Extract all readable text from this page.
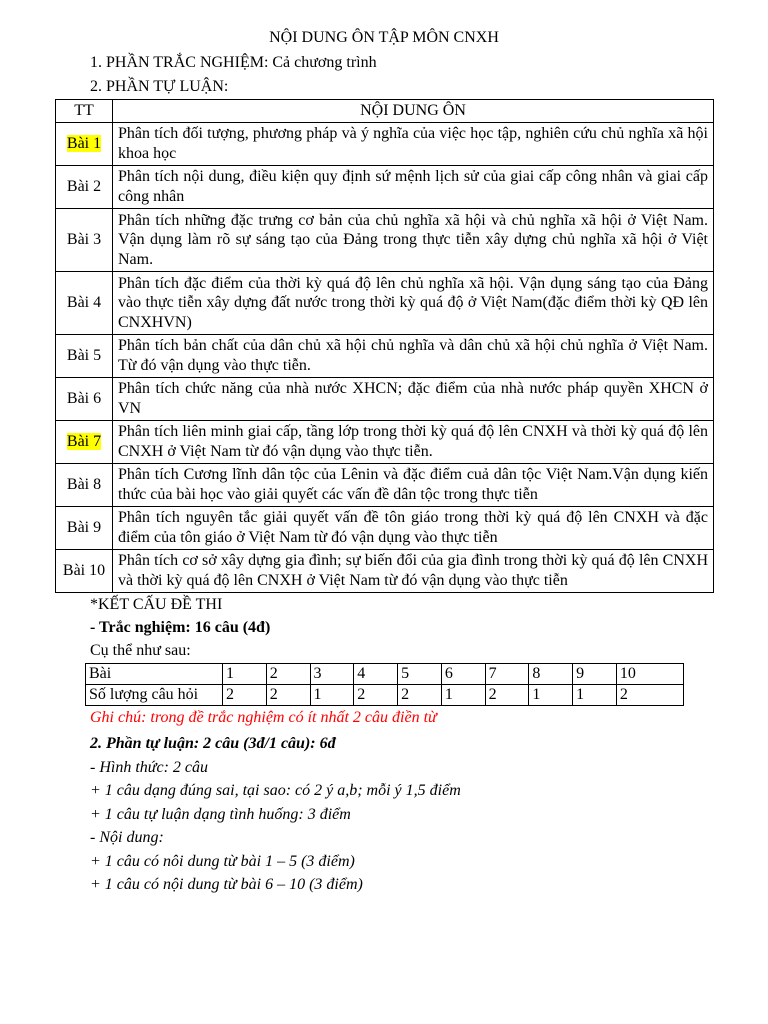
NỘI DUNG ÔN TẬP MÔN CNXH
1. PHẦN TRẮC NGHIỆM: Cả chương trình
2. PHẦN TỰ LUẬN:
TT	NỘI DUNG ÔN
Bài 1	Phân tích đối tượng, phương pháp và ý nghĩa của việc học tập, nghiên cứu chủ nghĩa xã hội khoa học
Bài 2	Phân tích nội dung, điều kiện quy định sứ mệnh lịch sử của giai cấp công nhân và giai cấp công nhân
Bài 3	Phân tích những đặc trưng cơ bản của chủ nghĩa xã hội và chủ nghĩa xã hội ở Việt Nam. Vận dụng làm rõ sự sáng tạo của Đảng trong thực tiễn xây dựng chủ nghĩa xã hội ở Việt Nam.
Bài 4	Phân tích đặc điểm của thời kỳ quá độ lên chủ nghĩa xã hội. Vận dụng sáng tạo của Đảng vào thực tiễn xây dựng đất nước trong thời kỳ quá độ ở Việt Nam(đặc điểm thời kỳ QĐ lên CNXHVN)
Bài 5	Phân tích bản chất của dân chủ xã hội chủ nghĩa và dân chủ xã hội chủ nghĩa ở Việt Nam. Từ đó vận dụng vào thực tiễn.
Bài 6	Phân tích chức năng của nhà nước XHCN; đặc điểm của nhà nước pháp quyền XHCN ở VN
Bài 7	Phân tích liên minh giai cấp, tầng lớp trong thời kỳ quá độ lên CNXH và thời kỳ quá độ lên CNXH ở Việt Nam từ đó vận dụng vào thực tiễn.
Bài 8	Phân tích Cương lĩnh dân tộc của Lênin và đặc điểm cuả dân tộc Việt Nam.Vận dụng kiến thức của bài học vào giải quyết các vấn đề dân tộc trong thực tiễn
Bài 9	Phân tích nguyên tắc giải quyết vấn đề tôn giáo trong thời kỳ quá độ lên CNXH và đặc điểm của tôn giáo ở Việt Nam từ đó vận dụng vào thực tiễn
Bài 10	Phân tích cơ sở xây dựng gia đình; sự biến đổi của gia đình trong thời kỳ quá độ lên CNXH và thời kỳ quá độ lên CNXH ở Việt Nam từ đó vận dụng vào thực tiễn
*KẾT CẤU ĐỀ THI
- Trắc nghiệm: 16 câu (4đ)
Cụ thể như sau:
Bài	1	2	3	4	5	6	7	8	9	10
Số lượng câu hỏi	2	2	1	2	2	1	2	1	1	2
Ghi chú: trong đề trắc nghiệm có ít nhất 2 câu điền từ
2. Phần tự luận: 2 câu (3đ/1 câu): 6đ
- Hình thức: 2 câu
+ 1 câu dạng đúng sai, tại sao: có 2 ý a,b; mỗi ý 1,5 điểm
+ 1 câu tự luận dạng tình huống: 3 điểm
- Nội dung:
+ 1 câu có nôi dung từ bài 1 – 5 (3 điểm)
+ 1 câu có nội dung từ bài 6 – 10 (3 điểm)
